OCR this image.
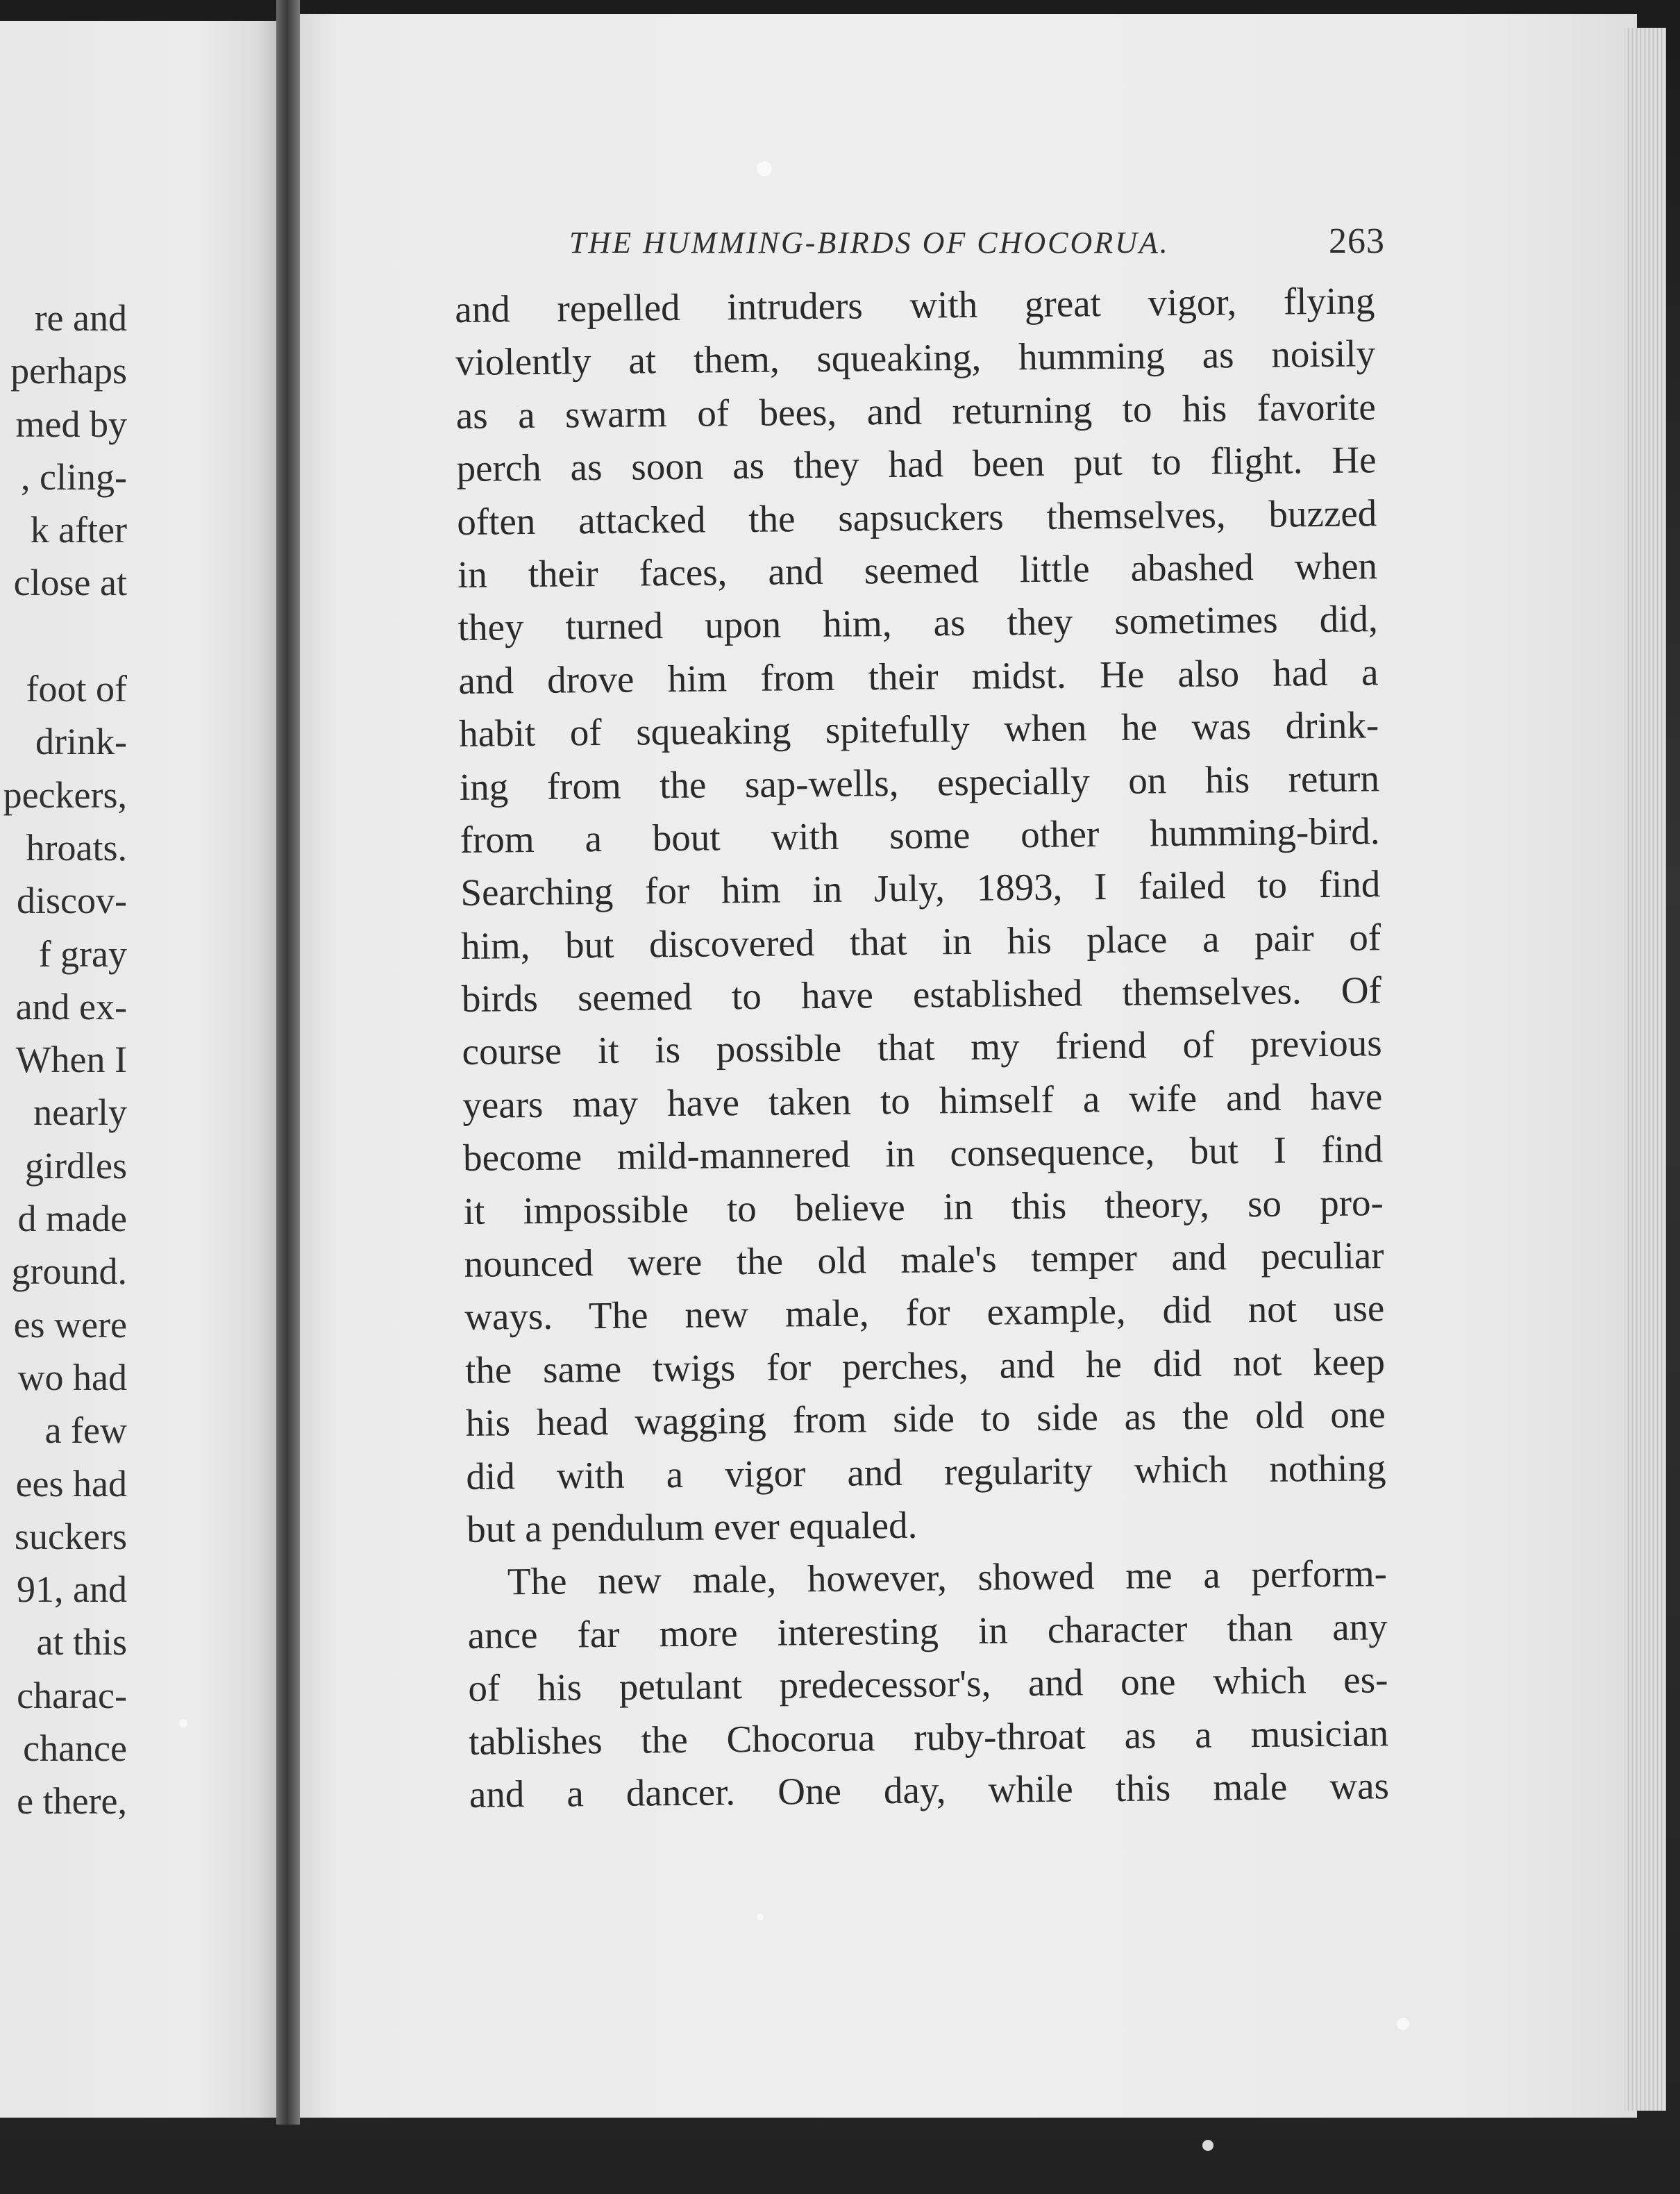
re and
perhaps
med by
, cling-
k after
close at
foot of
drink-
peckers,
hroats.
discov-
f gray
and ex-
When I
nearly
girdles
d made
ground.
es were
wo had
a few
ees had
suckers
91, and
at this
charac-
chance
e there,
THE HUMMING-BIRDS OF CHOCORUA.	263
and repelled intruders with great vigor, flying
violently at them, squeaking, humming as noisily
as a swarm of bees, and returning to his favorite
perch as soon as they had been put to flight. He
often attacked the sapsuckers themselves, buzzed
in their faces, and seemed little abashed when
they turned upon him, as they sometimes did,
and drove him from their midst. He also had a
habit of squeaking spitefully when he was drink-
ing from the sap-wells, especially on his return
from a bout with some other humming-bird.
Searching for him in July, 1893, I failed to find
him, but discovered that in his place a pair of
birds seemed to have established themselves. Of
course it is possible that my friend of previous
years may have taken to himself a wife and have
become mild-mannered in consequence, but I find
it impossible to believe in this theory, so pro-
nounced were the old male's temper and peculiar
ways. The new male, for example, did not use
the same twigs for perches, and he did not keep
his head wagging from side to side as the old one
did with a vigor and regularity which nothing
but a pendulum ever equaled.
The new male, however, showed me a perform-
ance far more interesting in character than any
of his petulant predecessor's, and one which es-
tablishes the Chocorua ruby-throat as a musician
and a dancer. One day, while this male was
